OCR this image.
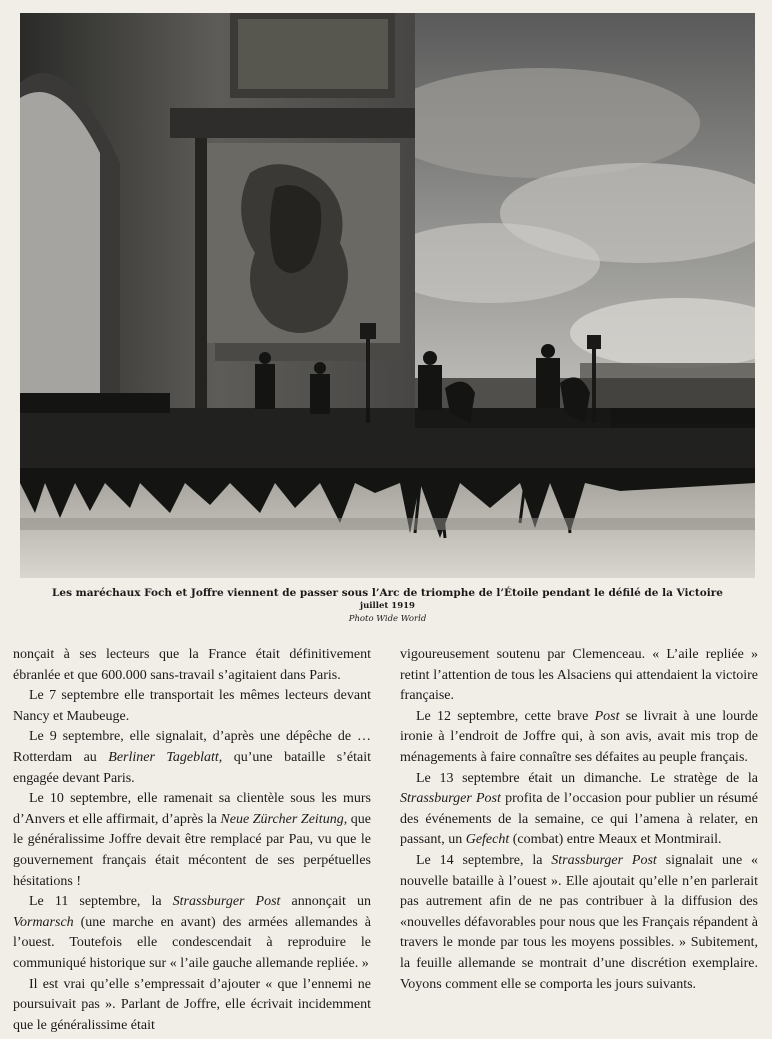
Les maréchaux Foch et Joffre viennent de passer sous l’Arc de triomphe de l’Étoile pendant le défilé de la Victoire
juillet 1919
Photo Wide World

nonçait à ses lecteurs que la France était définitivement ébranlée et que 600.000 sans-travail s’agitaient dans Paris.

Le 7 septembre elle transportait les mêmes lecteurs devant Nancy et Maubeuge.

Le 9 septembre, elle signalait, d’après une dépêche de … Rotterdam au Berliner Tageblatt, qu’une bataille s’était engagée devant Paris.

Le 10 septembre, elle ramenait sa clientèle sous les murs d’Anvers et elle affirmait, d’après la Neue Zürcher Zeitung, que le généralissime Joffre devait être remplacé par Pau, vu que le gouvernement français était mécontent de ses perpétuelles hésitations !

Le 11 septembre, la Strassburger Post annonçait un Vormarsch (une marche en avant) des armées allemandes à l’ouest. Toutefois elle condescendait à reproduire le communiqué historique sur « l’aile gauche allemande repliée. »

Il est vrai qu’elle s’empressait d’ajouter « que l’ennemi ne poursuivait pas ». Parlant de Joffre, elle écrivait incidemment que le généralissime était

vigoureusement soutenu par Clemenceau. « L’aile repliée » retint l’attention de tous les Alsaciens qui attendaient la victoire française.

Le 12 septembre, cette brave Post se livrait à une lourde ironie à l’endroit de Joffre qui, à son avis, avait mis trop de ménagements à faire connaître ses défaites au peuple français.

Le 13 septembre était un dimanche. Le stratège de la Strassburger Post profita de l’occasion pour publier un résumé des événements de la semaine, ce qui l’amena à relater, en passant, un Gefecht (combat) entre Meaux et Montmirail.

Le 14 septembre, la Strassburger Post signalait une « nouvelle bataille à l’ouest ». Elle ajoutait qu’elle n’en parlerait pas autrement afin de ne pas contribuer à la diffusion des «nouvelles défavorables pour nous que les Français répandent à travers le monde par tous les moyens possibles. » Subitement, la feuille allemande se montrait d’une discrétion exemplaire. Voyons comment elle se comporta les jours suivants.
